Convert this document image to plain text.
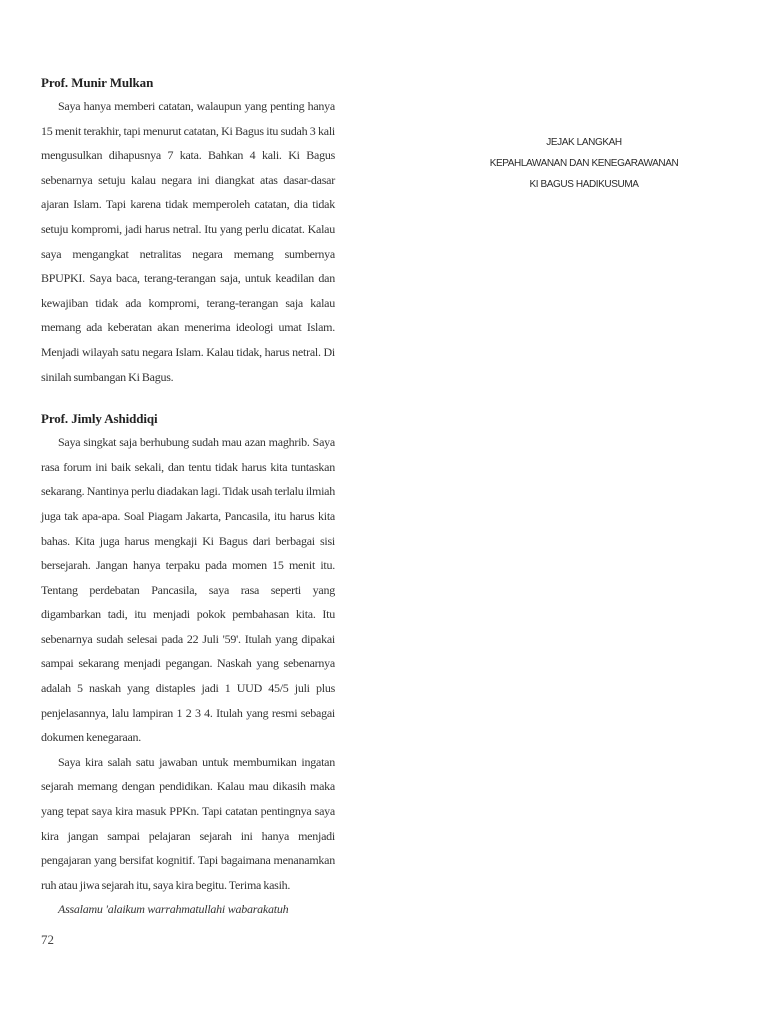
JEJAK LANGKAH
KEPAHLAWANAN DAN KENEGARAWANAN
KI BAGUS HADIKUSUMA

Prof. Munir Mulkan

Saya hanya memberi catatan, walaupun yang penting hanya 15 menit terakhir, tapi menurut catatan, Ki Bagus itu sudah 3 kali mengusulkan dihapusnya 7 kata. Bahkan 4 kali. Ki Bagus sebenarnya setuju kalau negara ini diangkat atas dasar-dasar ajaran Islam. Tapi karena tidak memperoleh catatan, dia tidak setuju kompromi, jadi harus netral. Itu yang perlu dicatat. Kalau saya mengangkat netralitas negara memang sumbernya BPUPKI. Saya baca, terang-terangan saja, untuk keadilan dan kewajiban tidak ada kompromi, terang-terangan saja kalau memang ada keberatan akan menerima ideologi umat Islam. Menjadi wilayah satu negara Islam. Kalau tidak, harus netral. Di sinilah sumbangan Ki Bagus.

Prof. Jimly Ashiddiqi

Saya singkat saja berhubung sudah mau azan maghrib. Saya rasa forum ini baik sekali, dan tentu tidak harus kita tuntaskan sekarang. Nantinya perlu diadakan lagi. Tidak usah terlalu ilmiah juga tak apa-apa. Soal Piagam Jakarta, Pancasila, itu harus kita bahas. Kita juga harus mengkaji Ki Bagus dari berbagai sisi bersejarah. Jangan hanya terpaku pada momen 15 menit itu. Tentang perdebatan Pancasila, saya rasa seperti yang digambarkan tadi, itu menjadi pokok pembahasan kita. Itu sebenarnya sudah selesai pada 22 Juli '59'. Itulah yang dipakai sampai sekarang menjadi pegangan. Naskah yang sebenarnya adalah 5 naskah yang distaples jadi 1 UUD 45/5 juli plus penjelasannya, lalu lampiran 1 2 3 4. Itulah yang resmi sebagai dokumen kenegaraan.

Saya kira salah satu jawaban untuk membumikan ingatan sejarah memang dengan pendidikan. Kalau mau dikasih maka yang tepat saya kira masuk PPKn. Tapi catatan pentingnya saya kira jangan sampai pelajaran sejarah ini hanya menjadi pengajaran yang bersifat kognitif. Tapi bagaimana menanamkan ruh atau jiwa sejarah itu, saya kira begitu. Terima kasih.

Assalamu 'alaikum warrahmatullahi wabarakatuh

72
